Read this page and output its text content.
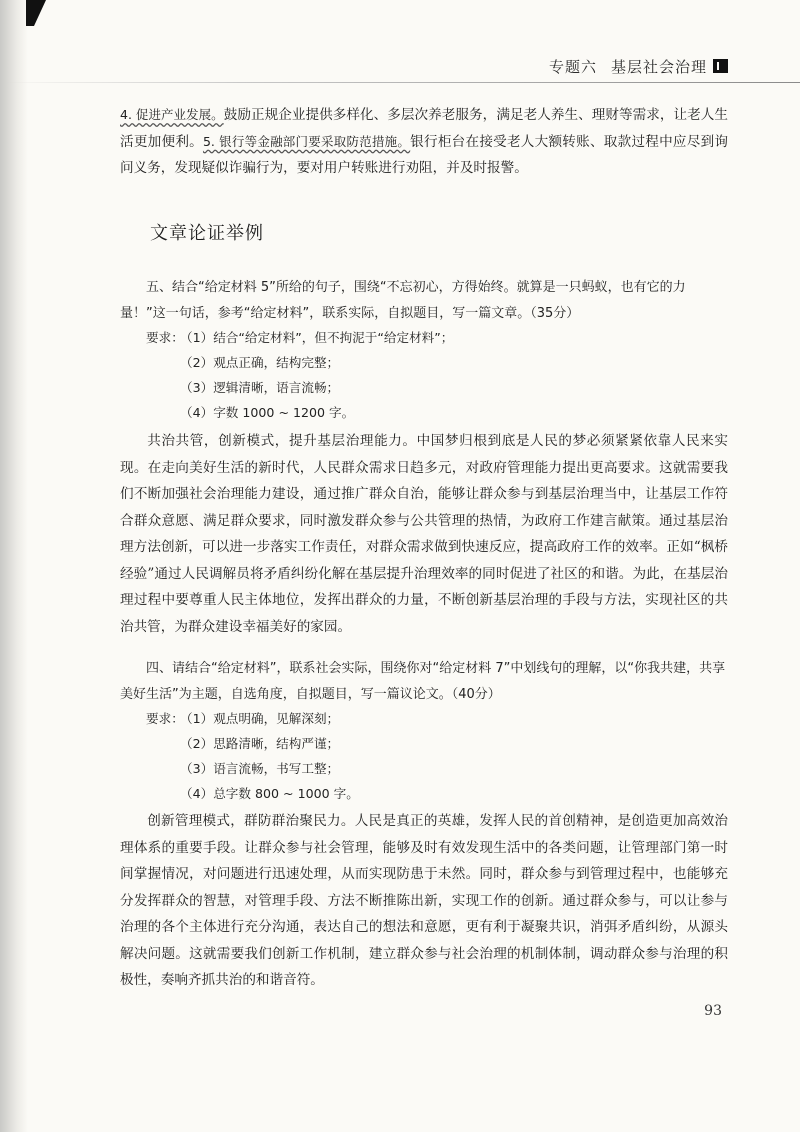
专题六 基层社会治理
4. 促进产业发展。鼓励正规企业提供多样化、多层次养老服务，满足老人养生、理财等需求，让老人生活更加便利。5. 银行等金融部门要采取防范措施。银行柜台在接受老人大额转账、取款过程中应尽到询问义务，发现疑似诈骗行为，要对用户转账进行劝阻，并及时报警。
文章论证举例
五、结合“给定材料 5”所给的句子，围绕“不忘初心，方得始终。就算是一只蚂蚁，也有它的力量！”这一句话，参考“给定材料”，联系实际，自拟题目，写一篇文章。（35分）
要求：
（1）结合“给定材料”，但不拘泥于“给定材料”；
（2）观点正确，结构完整；
（3）逻辑清晰，语言流畅；
（4）字数 1000 ~ 1200 字。
共治共管，创新模式，提升基层治理能力。中国梦归根到底是人民的梦必须紧紧依靠人民来实现。在走向美好生活的新时代，人民群众需求日趋多元，对政府管理能力提出更高要求。这就需要我们不断加强社会治理能力建设，通过推广群众自治，能够让群众参与到基层治理当中，让基层工作符合群众意愿、满足群众要求，同时激发群众参与公共管理的热情，为政府工作建言献策。通过基层治理方法创新，可以进一步落实工作责任，对群众需求做到快速反应，提高政府工作的效率。正如“枫桥经验”通过人民调解员将矛盾纠纷化解在基层提升治理效率的同时促进了社区的和谐。为此，在基层治理过程中要尊重人民主体地位，发挥出群众的力量，不断创新基层治理的手段与方法，实现社区的共治共管，为群众建设幸福美好的家园。
四、请结合“给定材料”，联系社会实际，围绕你对“给定材料 7”中划线句的理解，以“你我共建，共享美好生活”为主题，自选角度，自拟题目，写一篇议论文。（40分）
要求：
（1）观点明确，见解深刻；
（2）思路清晰，结构严谨；
（3）语言流畅，书写工整；
（4）总字数 800 ~ 1000 字。
创新管理模式，群防群治聚民力。人民是真正的英雄，发挥人民的首创精神，是创造更加高效治理体系的重要手段。让群众参与社会管理，能够及时有效发现生活中的各类问题，让管理部门第一时间掌握情况，对问题进行迅速处理，从而实现防患于未然。同时，群众参与到管理过程中，也能够充分发挥群众的智慧，对管理手段、方法不断推陈出新，实现工作的创新。通过群众参与，可以让参与治理的各个主体进行充分沟通，表达自己的想法和意愿，更有利于凝聚共识，消弭矛盾纠纷，从源头解决问题。这就需要我们创新工作机制，建立群众参与社会治理的机制体制，调动群众参与治理的积极性，奏响齐抓共治的和谐音符。
93
